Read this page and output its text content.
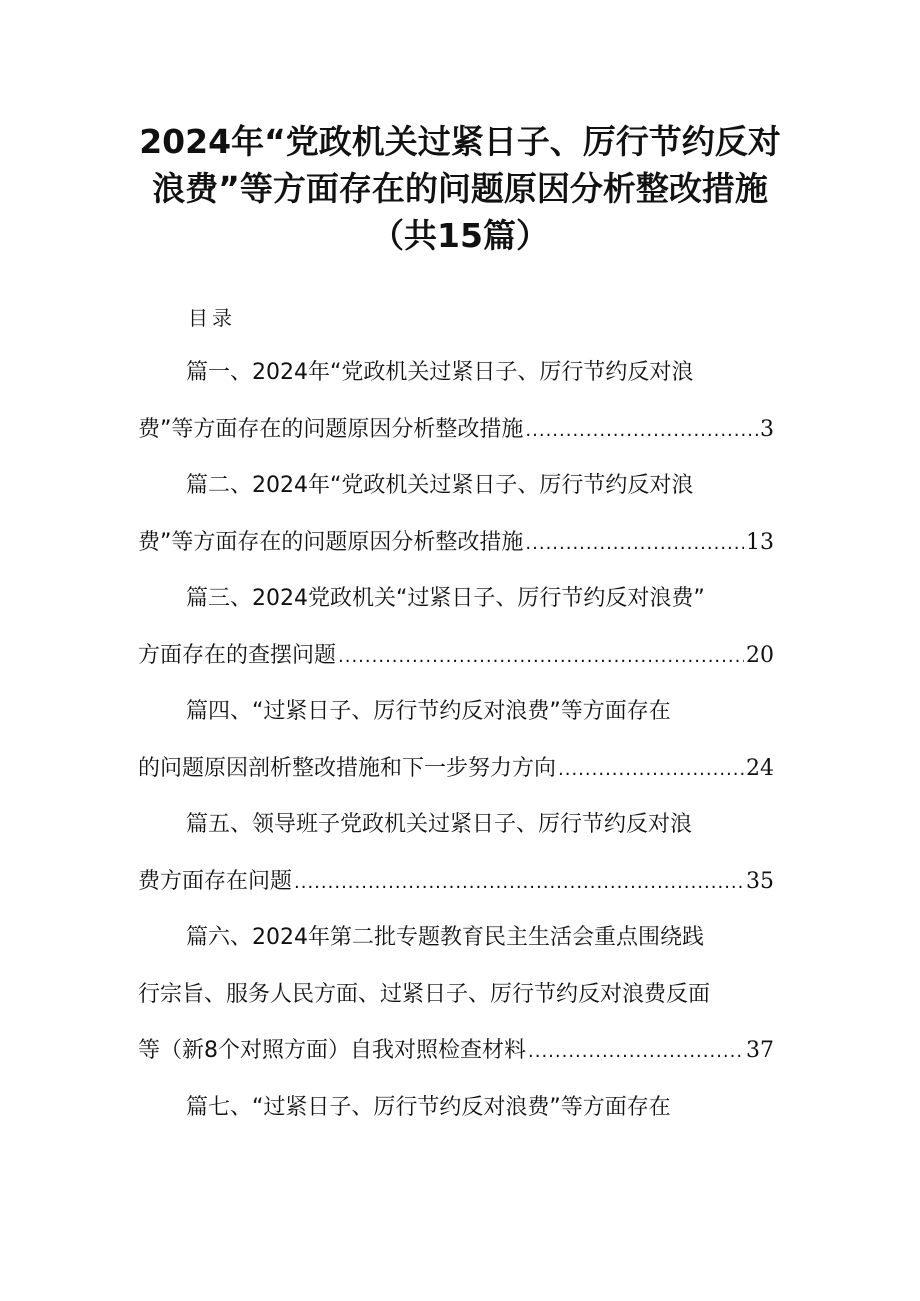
2024年“党政机关过紧日子、厉行节约反对
浪费”等方面存在的问题原因分析整改措施
（共15篇）
目录
篇一、2024年“党政机关过紧日子、厉行节约反对浪
费”等方面存在的问题原因分析整改措施 .....	3
篇二、2024年“党政机关过紧日子、厉行节约反对浪
费”等方面存在的问题原因分析整改措施 .....	13
篇三、2024党政机关“过紧日子、厉行节约反对浪费”
方面存在的查摆问题 .....	20
篇四、“过紧日子、厉行节约反对浪费”等方面存在
的问题原因剖析整改措施和下一步努力方向 .....	24
篇五、领导班子党政机关过紧日子、厉行节约反对浪
费方面存在问题 .....	35
篇六、2024年第二批专题教育民主生活会重点围绕践
行宗旨、服务人民方面、过紧日子、厉行节约反对浪费反面
等（新8个对照方面）自我对照检查材料 .....	37
篇七、“过紧日子、厉行节约反对浪费”等方面存在
